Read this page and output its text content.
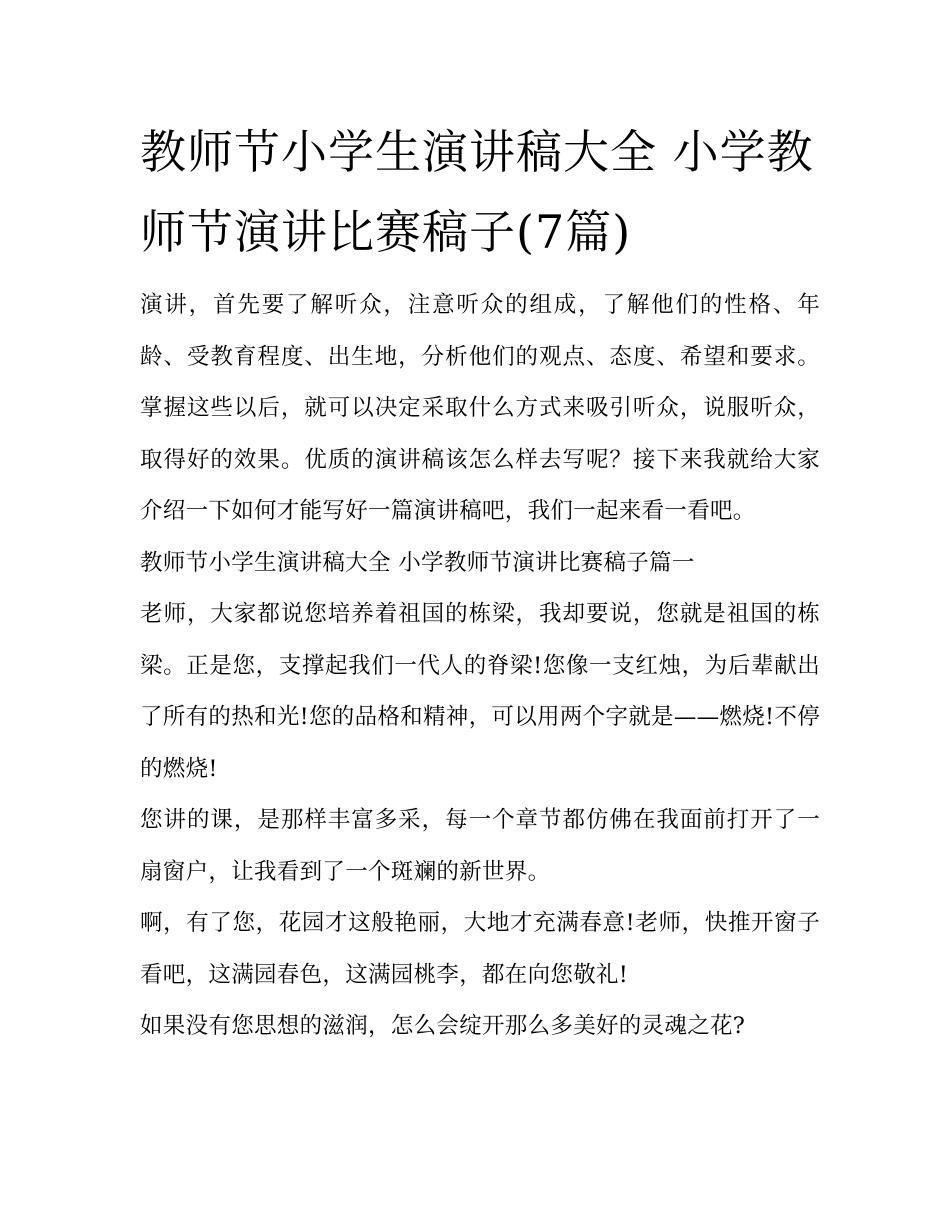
教师节小学生演讲稿大全 小学教师节演讲比赛稿子(7篇)

演讲，首先要了解听众，注意听众的组成，了解他们的性格、年龄、受教育程度、出生地，分析他们的观点、态度、希望和要求。掌握这些以后，就可以决定采取什么方式来吸引听众，说服听众，取得好的效果。优质的演讲稿该怎么样去写呢？接下来我就给大家介绍一下如何才能写好一篇演讲稿吧，我们一起来看一看吧。

教师节小学生演讲稿大全 小学教师节演讲比赛稿子篇一

老师，大家都说您培养着祖国的栋梁，我却要说，您就是祖国的栋梁。正是您，支撑起我们一代人的脊梁!您像一支红烛，为后辈献出了所有的热和光!您的品格和精神，可以用两个字就是——燃烧!不停的燃烧!

您讲的课，是那样丰富多采，每一个章节都仿佛在我面前打开了一扇窗户，让我看到了一个斑斓的新世界。

啊，有了您，花园才这般艳丽，大地才充满春意!老师，快推开窗子看吧，这满园春色，这满园桃李，都在向您敬礼!

如果没有您思想的滋润，怎么会绽开那么多美好的灵魂之花?
